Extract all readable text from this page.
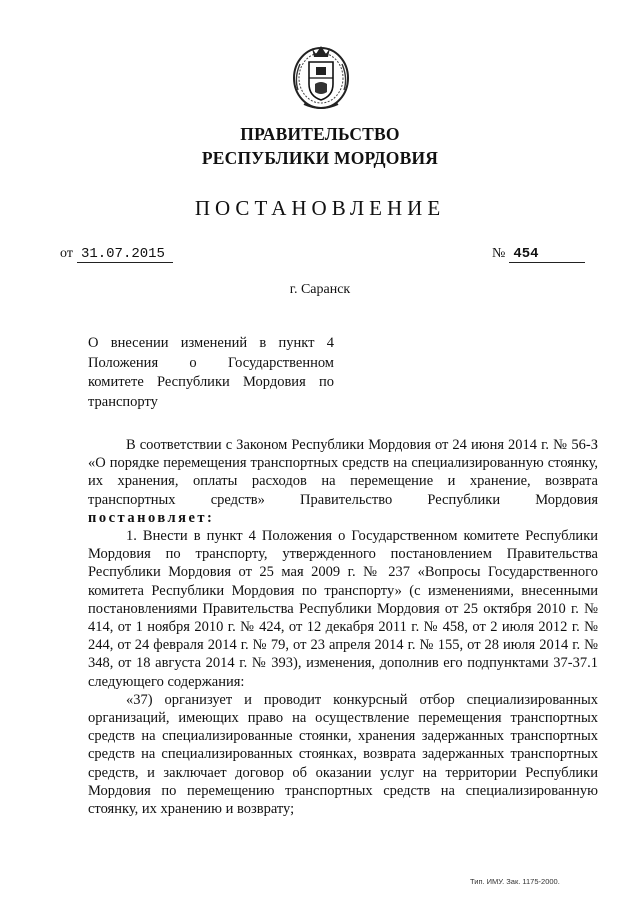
ПРАВИТЕЛЬСТВО
РЕСПУБЛИКИ МОРДОВИЯ
ПОСТАНОВЛЕНИЕ
от 31.07.2015	№ 454
г. Саранск
О внесении изменений в пункт 4 Положения о Государственном комитете Республики Мордовия по транспорту

В соответствии с Законом Республики Мордовия от 24 июня 2014 г. № 56-З «О порядке перемещения транспортных средств на специализированную стоянку, их хранения, оплаты расходов на перемещение и хранение, возврата транспортных средств» Правительство Республики Мордовия постановляет:

1. Внести в пункт 4 Положения о Государственном комитете Республики Мордовия по транспорту, утвержденного постановлением Правительства Республики Мордовия от 25 мая 2009 г. № 237 «Вопросы Государственного комитета Республики Мордовия по транспорту» (с изменениями, внесенными постановлениями Правительства Республики Мордовия от 25 октября 2010 г. № 414, от 1 ноября 2010 г. № 424, от 12 декабря 2011 г. № 458, от 2 июля 2012 г. № 244, от 24 февраля 2014 г. № 79, от 23 апреля 2014 г. № 155, от 28 июля 2014 г. № 348, от 18 августа 2014 г. № 393), изменения, дополнив его подпунктами 37-37.1 следующего содержания:

«37) организует и проводит конкурсный отбор специализированных организаций, имеющих право на осуществление перемещения транспортных средств на специализированные стоянки, хранения задержанных транспортных средств на специализированных стоянках, возврата задержанных транспортных средств, и заключает договор об оказании услуг на территории Республики Мордовия по перемещению транспортных средств на специализированную стоянку, их хранению и возврату;

Тип. ИМУ. Зак. 1175-2000.
